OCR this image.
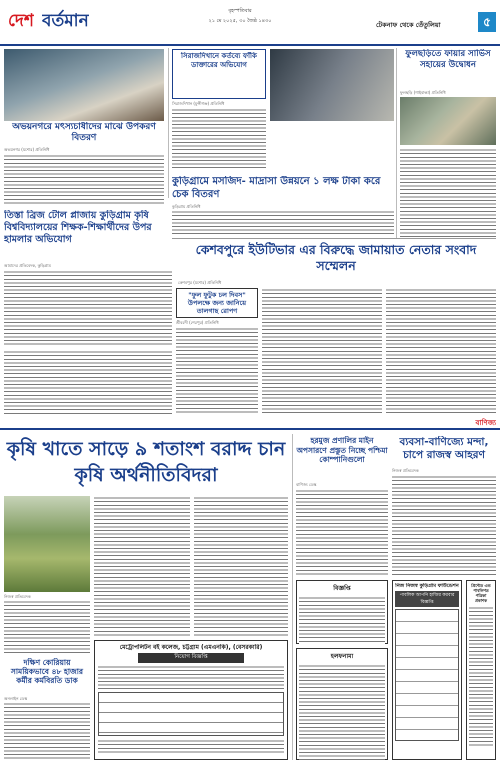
দেশ বর্তমান	বৃহস্পতিবার
২১ মে ২০২৫, ৩০ জৈষ্ঠ ১৪৩০	টেকনাফ থেকে তেঁতুলিয়া	৫
অভয়নগরে মৎস্যচাষীদের মাঝে উপকরণ বিতরণ
অভয়নগর (যশোর) প্রতিনিধি
তিস্তা ব্রিজ টোল প্লাজায় কুড়িগ্রাম কৃষি বিশ্ববিদ্যালয়ের শিক্ষক-শিক্ষার্থীদের উপর হামলার অভিযোগ
আমাদের প্রতিবেদক, কুড়িগ্রাম
সিরাজদিখানে কর্তব্যে ফাঁকি ডাক্তারের অভিযোগ
সিরাজদিখান (মুন্সীগঞ্জ) প্রতিনিধি
কুড়িগ্রামে মসজিদ- মাদ্রাসা উন্নয়নে ১ লক্ষ টাকা করে চেক বিতরণ
কুড়িগ্রাম প্রতিনিধি
ফুলছড়িতে ফায়ার সার্ভিস সহায়ের উদ্বোধন
ফুলছড়ি (গাইবান্ধা) প্রতিনিধি
কেশবপুরে ইউটিভার এর বিরুদ্ধে জামায়াত নেতার সংবাদ সম্মেলন
কেশবপুর (যশোর) প্রতিনিধি
"ফুল ফুটুক চল দিবস" উপলক্ষে জন্য জানিয়ে তালগাছ রোপণ
শ্রীবরদী (শেরপুর) প্রতিনিধি
বাণিজ্য
কৃষি খাতে সাড়ে ৯ শতাংশ বরাদ্দ চান কৃষি অর্থনীতিবিদরা
নিজস্ব প্রতিবেদক
দক্ষিণ কোরিয়ায় সাময়িকভাবে ৪৮ হাজার কর্মীর কর্মবিরতি ডাক
অনলাইন ডেস্ক
মেট্রোপলিটন বই কলেজ, চট্টগ্রাম (এমএনকি), (বেসরকারি)
নিয়োগ বিজ্ঞপ্তি
হরমুজ প্রণালির মাইন অপসারণে প্রস্তুত নিচ্ছে পশ্চিমা কোম্পানিগুলো
বাণিজ্য ডেস্ক
ব্যবসা-বাণিজ্যে মন্দা, চাপে রাজস্ব আহরণ
নিজস্ব প্রতিবেদক
বিজ্ঞপ্তি
হলফনামা
নিজ নিজস্ব কুড়িগ্রাম ফাউন্ডেশন
পাবলিক আপনি হাজির করবার বিজ্ঞপ্তি
প্রিন্টেড এন্ড পাবলিশড পত্রিকা প্রকাশক
